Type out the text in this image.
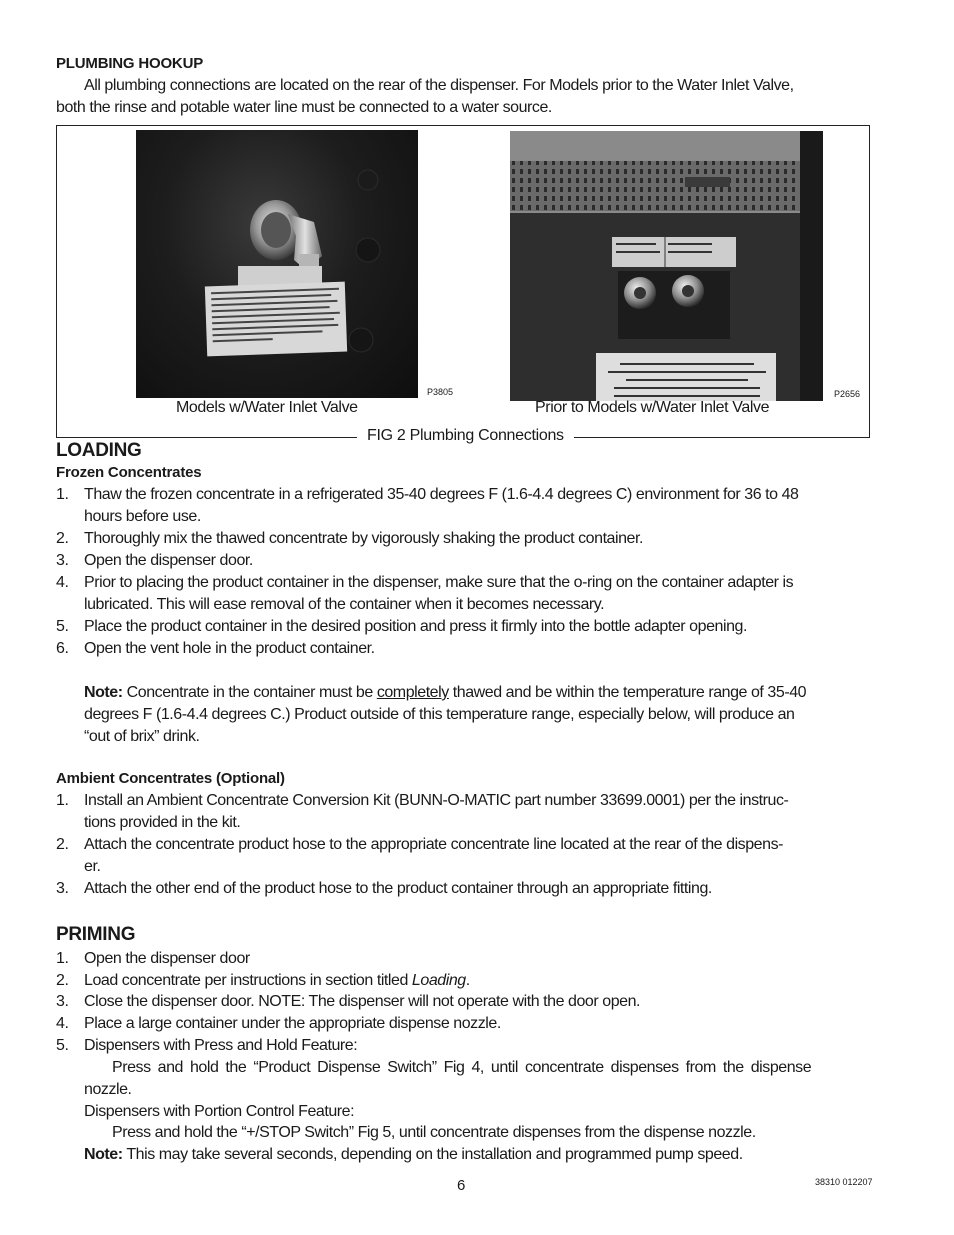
PLUMBING HOOKUP
All plumbing connections are located on the rear of the dispenser. For Models prior to the Water Inlet Valve,
both the rinse and potable water line must be connected to a water source.
P3805	P2656
Models w/Water Inlet Valve	Prior to Models w/Water Inlet Valve
FIG 2 Plumbing Connections
LOADING
Frozen Concentrates
1. Thaw the frozen concentrate in a refrigerated 35-40 degrees F (1.6-4.4 degrees C) environment for 36 to 48
hours before use.
2. Thoroughly mix the thawed concentrate by vigorously shaking the product container.
3. Open the dispenser door.
4. Prior to placing the product container in the dispenser, make sure that the o-ring on the container adapter is
lubricated. This will ease removal of the container when it becomes necessary.
5. Place the product container in the desired position and press it firmly into the bottle adapter opening.
6. Open the vent hole in the product container.
Note: Concentrate in the container must be completely thawed and be within the temperature range of 35-40
degrees F (1.6-4.4 degrees C.) Product outside of this temperature range, especially below, will produce an
“out of brix” drink.
Ambient Concentrates (Optional)
1. Install an Ambient Concentrate Conversion Kit (BUNN-O-MATIC part number 33699.0001) per the instruc-
tions provided in the kit.
2. Attach the concentrate product hose to the appropriate concentrate line located at the rear of the dispens-
er.
3. Attach the other end of the product hose to the product container through an appropriate fitting.
PRIMING
1. Open the dispenser door
2. Load concentrate per instructions in section titled Loading.
3. Close the dispenser door. NOTE: The dispenser will not operate with the door open.
4. Place a large container under the appropriate dispense nozzle.
5. Dispensers with Press and Hold Feature:
Press and hold the “Product Dispense Switch” Fig 4, until concentrate dispenses from the dispense
nozzle.
Dispensers with Portion Control Feature:
Press and hold the “+/STOP Switch” Fig 5, until concentrate dispenses from the dispense nozzle.
Note: This may take several seconds, depending on the installation and programmed pump speed.
6	38310 012207
